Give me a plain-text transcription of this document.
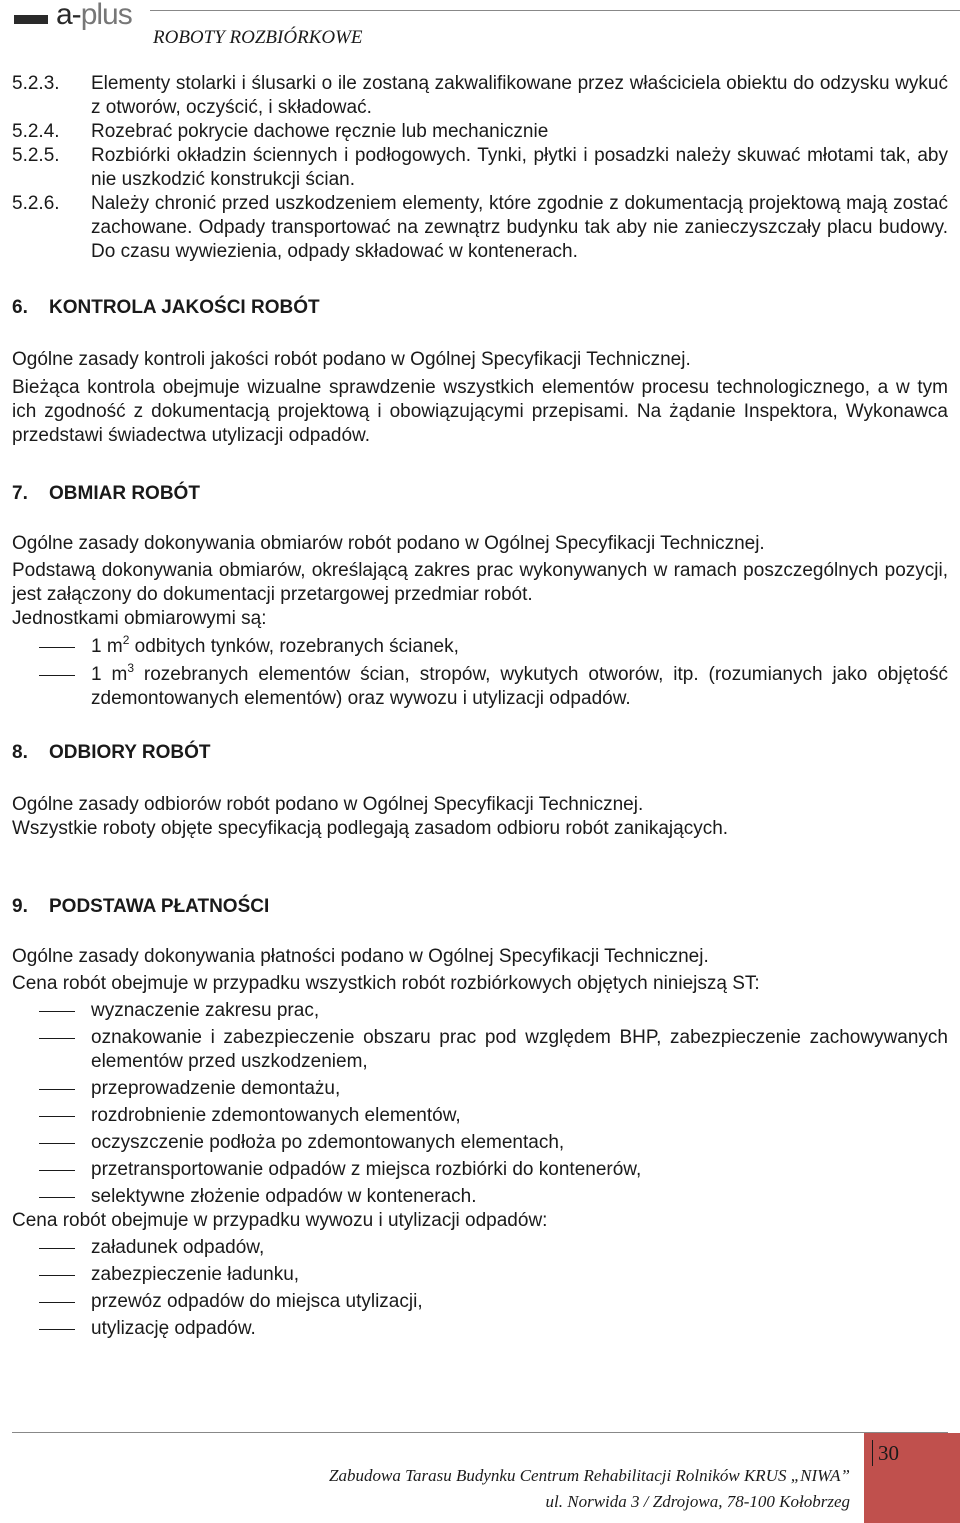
a-plus
ROBOTY ROZBIÓRKOWE
5.2.3.	Elementy stolarki i ślusarki o ile zostaną zakwalifikowane przez właściciela obiektu do odzysku wykuć z otworów, oczyścić, i składować.
5.2.4.	Rozebrać pokrycie dachowe ręcznie lub mechanicznie
5.2.5.	Rozbiórki okładzin ściennych i podłogowych. Tynki, płytki i posadzki należy skuwać młotami tak, aby nie uszkodzić konstrukcji ścian.
5.2.6.	Należy chronić przed uszkodzeniem elementy, które zgodnie z dokumentacją projektową mają zostać zachowane. Odpady transportować na zewnątrz budynku tak aby nie zanieczyszczały placu budowy. Do czasu wywiezienia, odpady składować w kontenerach.
6.	KONTROLA JAKOŚCI ROBÓT
Ogólne zasady kontroli jakości robót podano w Ogólnej Specyfikacji Technicznej.
Bieżąca kontrola obejmuje wizualne sprawdzenie wszystkich elementów procesu technologicznego, a w tym ich zgodność z dokumentacją projektową i obowiązującymi przepisami. Na żądanie Inspektora, Wykonawca przedstawi świadectwa utylizacji odpadów.
7.	OBMIAR ROBÓT
Ogólne zasady dokonywania obmiarów robót podano w Ogólnej Specyfikacji Technicznej.
Podstawą dokonywania obmiarów, określającą zakres prac wykonywanych w ramach poszczególnych pozycji, jest załączony do dokumentacji przetargowej przedmiar robót.
Jednostkami obmiarowymi są:
1 $m^2$ odbitych tynków, rozebranych ścianek,
1 $m^3$ rozebranych elementów ścian, stropów, wykutych otworów, itp. (rozumianych jako objętość zdemontowanych elementów) oraz wywozu i utylizacji odpadów.
8.	ODBIORY ROBÓT
Ogólne zasady odbiorów robót podano w Ogólnej Specyfikacji Technicznej.
Wszystkie roboty objęte specyfikacją podlegają zasadom odbioru robót zanikających.
9.	PODSTAWA PŁATNOŚCI
Ogólne zasady dokonywania płatności podano w Ogólnej Specyfikacji Technicznej.
Cena robót obejmuje w przypadku wszystkich robót rozbiórkowych objętych niniejszą ST:
wyznaczenie zakresu prac,
oznakowanie i zabezpieczenie obszaru prac pod względem BHP, zabezpieczenie zachowywanych elementów przed uszkodzeniem,
przeprowadzenie demontażu,
rozdrobnienie zdemontowanych elementów,
oczyszczenie podłoża po zdemontowanych elementach,
przetransportowanie odpadów z miejsca rozbiórki do kontenerów,
selektywne złożenie odpadów w kontenerach.
Cena robót obejmuje w przypadku wywozu i utylizacji odpadów:
załadunek odpadów,
zabezpieczenie ładunku,
przewóz odpadów do miejsca utylizacji,
utylizację odpadów.
30
Zabudowa Tarasu Budynku Centrum Rehabilitacji Rolników KRUS „NIWA”
ul. Norwida 3 / Zdrojowa, 78-100 Kołobrzeg
